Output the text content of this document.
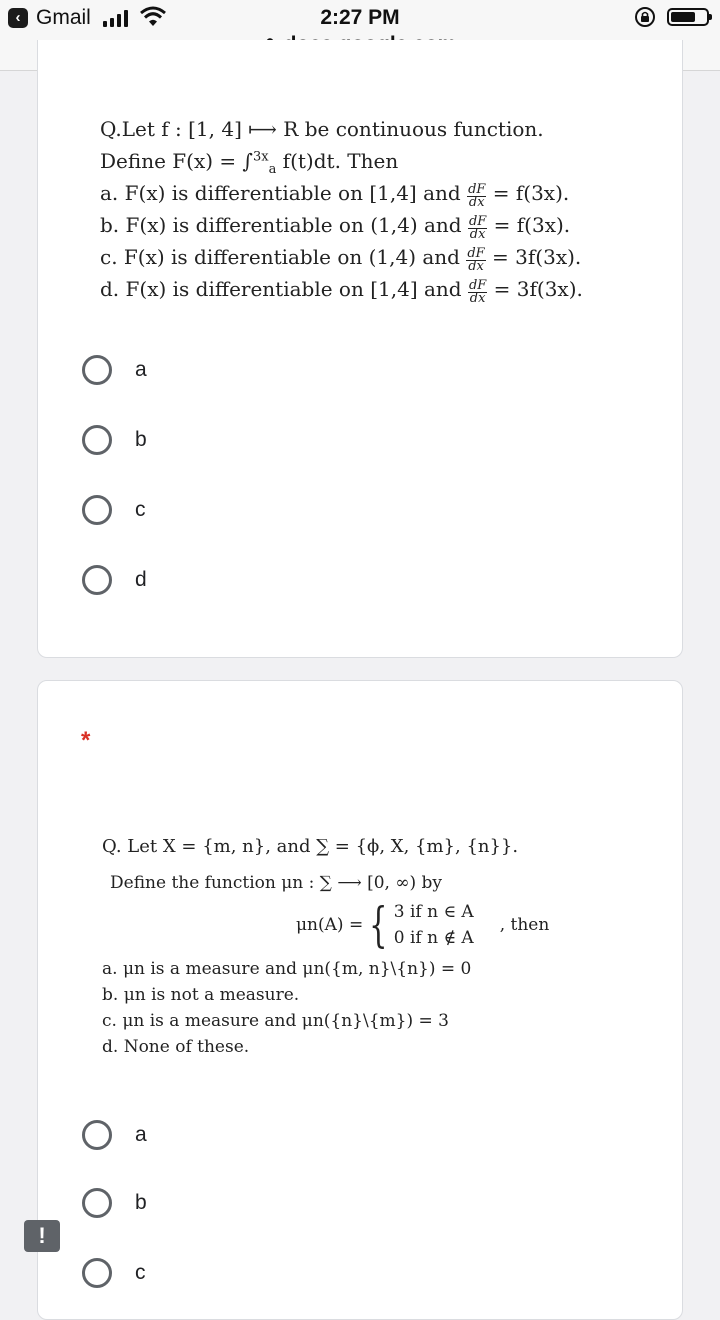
‹ Gmail	2:27 PM
Q.Let f : [1, 4] ⟼ R be continuous function.
Define F(x) = ∫$^{3x}_a$ f(t)dt. Then
a. F(x) is differentiable on [1,4] and $\frac{dF}{dx} = f(3x)$.
b. F(x) is differentiable on (1,4) and $\frac{dF}{dx} = f(3x)$.
c. F(x) is differentiable on (1,4) and $\frac{dF}{dx} = 3f(3x)$.
d. F(x) is differentiable on [1,4] and $\frac{dF}{dx} = 3f(3x)$.
a
b
c
d
*
Q. Let X = {m, n}, and ∑ = {ϕ, X, {m}, {n}}.
Define the function μn : ∑ ⟶ [0, ∞) by
μn(A) = { 3 if n ∈ A
0 if n ∉ A
, then
a. μn is a measure and μn({m, n}\{n}) = 0
b. μn is not a measure.
c. μn is a measure and μn({n}\{m}) = 3
d. None of these.
a
b
c
!
